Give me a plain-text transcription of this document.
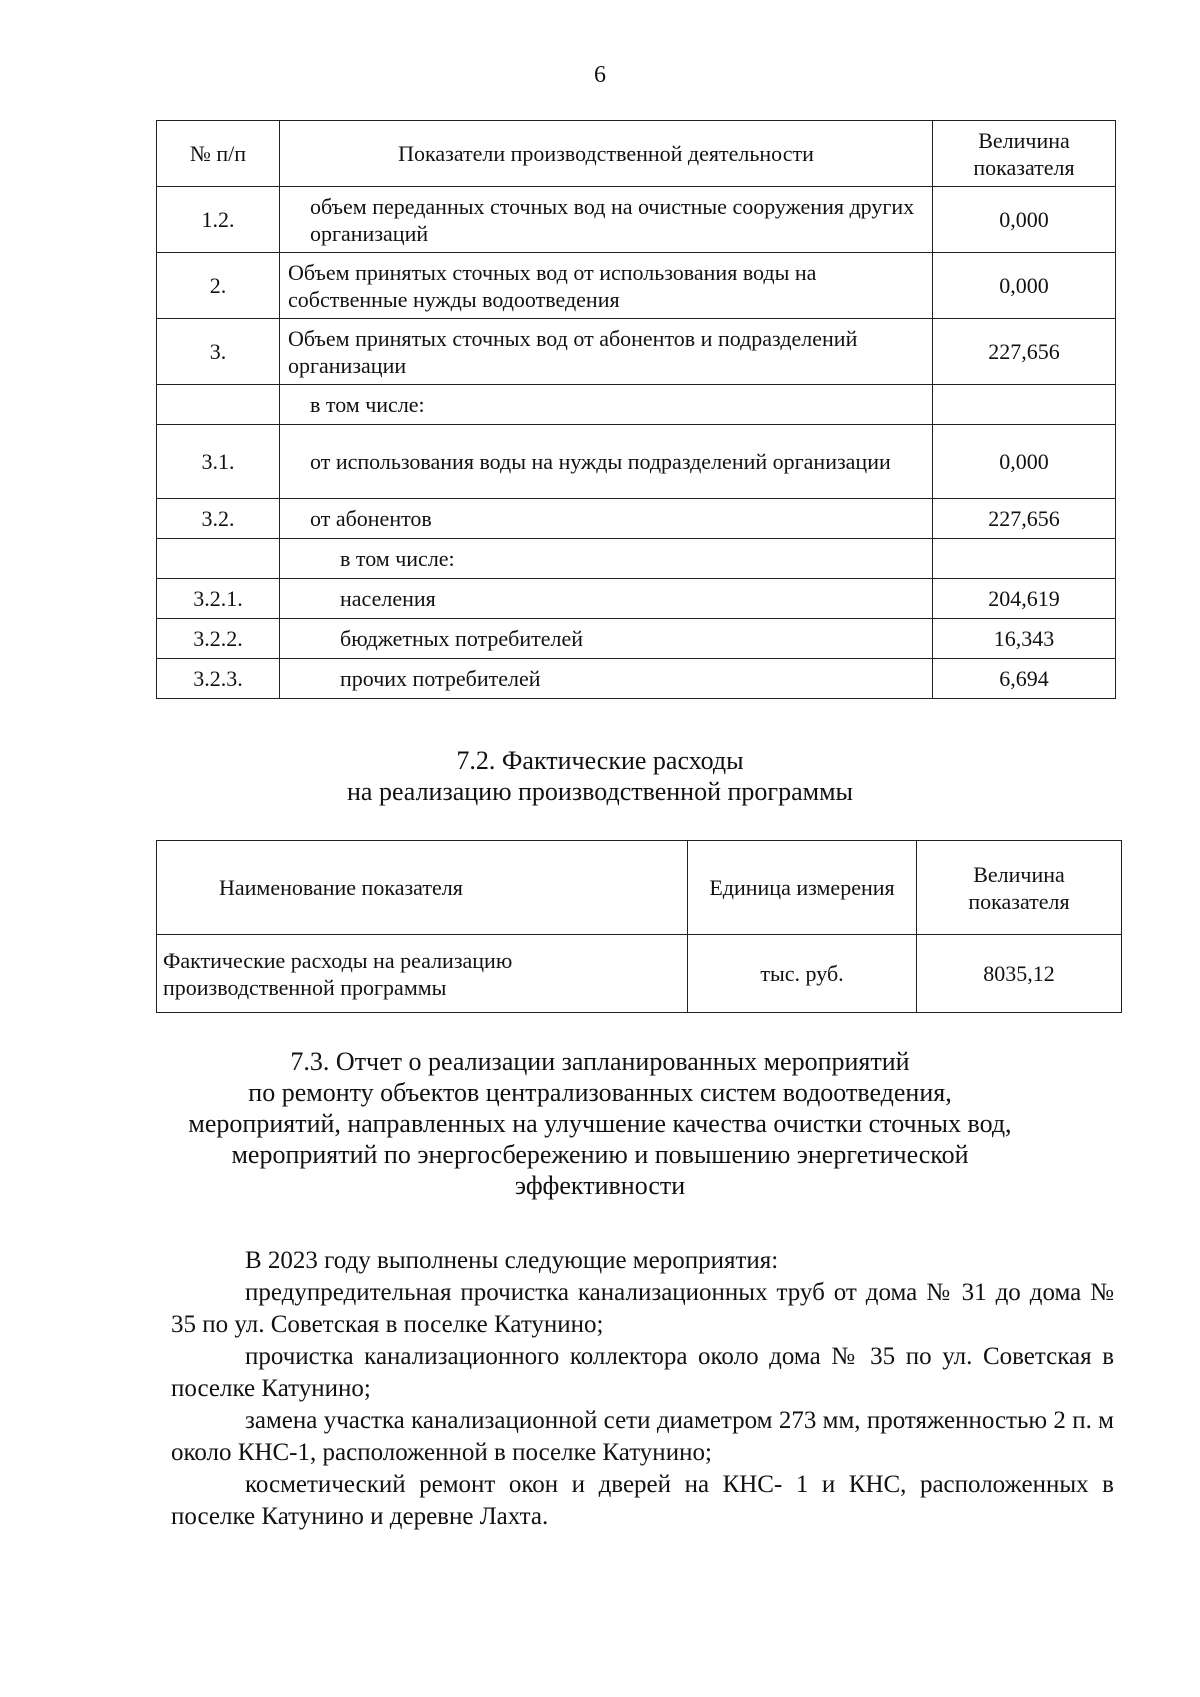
6
№ п/п	Показатели производственной деятельности	Величина показателя
1.2.	объем переданных сточных вод на очистные сооружения других организаций	0,000
2.	Объем принятых сточных вод от использования воды на собственные нужды водоотведения	0,000
3.	Объем принятых сточных вод от абонентов и подразделений организации	227,656
	в том числе:	
3.1.	от использования воды на нужды подразделений организации	0,000
3.2.	от абонентов	227,656
	в том числе:	
3.2.1.	населения	204,619
3.2.2.	бюджетных потребителей	16,343
3.2.3.	прочих потребителей	6,694
7.2. Фактические расходы
на реализацию производственной программы
Наименование показателя	Единица измерения	Величина показателя
Фактические расходы на реализацию производственной программы	тыс. руб.	8035,12
7.3. Отчет о реализации запланированных мероприятий
по ремонту объектов централизованных систем водоотведения,
мероприятий, направленных на улучшение качества очистки сточных вод,
мероприятий по энергосбережению и повышению энергетической
эффективности

В 2023 году выполнены следующие мероприятия:

предупредительная прочистка канализационных труб от дома № 31 до дома № 35 по ул. Советская в поселке Катунино;

прочистка канализационного коллектора около дома № 35 по ул. Советская в поселке Катунино;

замена участка канализационной сети диаметром 273 мм, протяженностью 2 п. м около КНС-1, расположенной в поселке Катунино;

косметический ремонт окон и дверей на КНС- 1 и КНС, расположенных в поселке Катунино и деревне Лахта.
